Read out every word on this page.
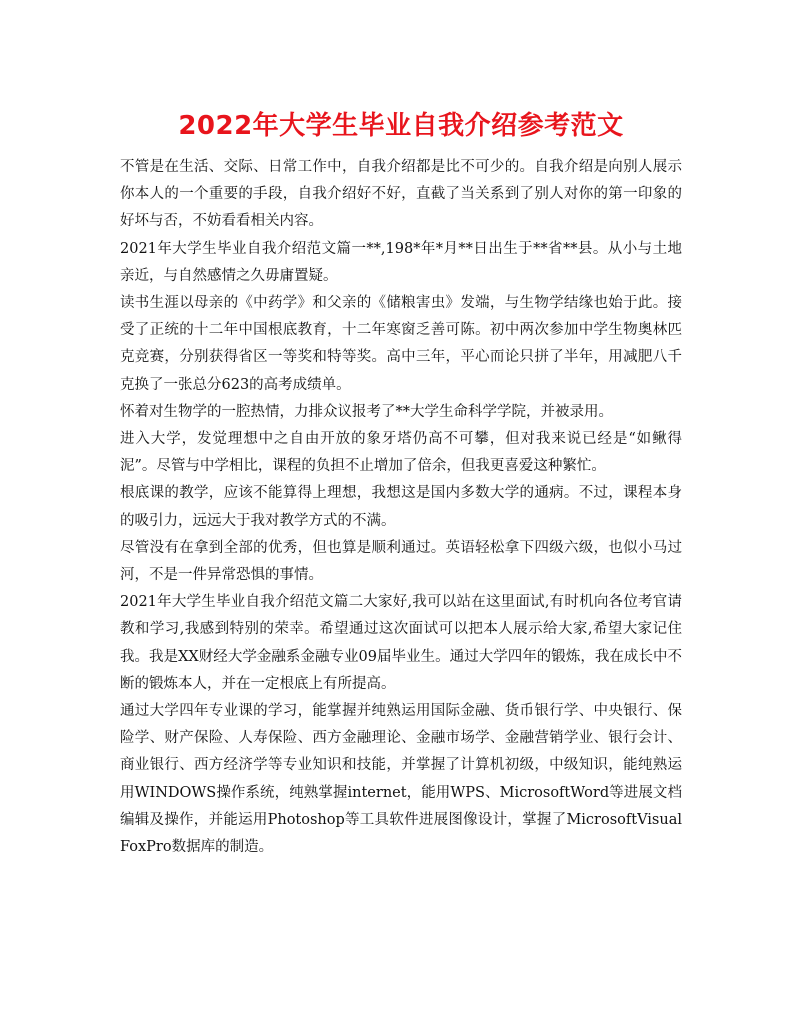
2022年大学生毕业自我介绍参考范文

不管是在生活、交际、日常工作中，自我介绍都是比不可少的。自我介绍是向别人展示你本人的一个重要的手段，自我介绍好不好，直截了当关系到了别人对你的第一印象的好坏与否，不妨看看相关内容。

2021年大学生毕业自我介绍范文篇一**,198*年*月**日出生于**省**县。从小与土地亲近，与自然感情之久毋庸置疑。

读书生涯以母亲的《中药学》和父亲的《储粮害虫》发端，与生物学结缘也始于此。接受了正统的十二年中国根底教育，十二年寒窗乏善可陈。初中两次参加中学生物奥林匹克竞赛，分别获得省区一等奖和特等奖。高中三年，平心而论只拼了半年，用减肥八千克换了一张总分623的高考成绩单。

怀着对生物学的一腔热情，力排众议报考了**大学生命科学学院，并被录用。

进入大学，发觉理想中之自由开放的象牙塔仍高不可攀，但对我来说已经是“如鳅得泥”。尽管与中学相比，课程的负担不止增加了倍余，但我更喜爱这种繁忙。

根底课的教学，应该不能算得上理想，我想这是国内多数大学的通病。不过，课程本身的吸引力，远远大于我对教学方式的不满。

尽管没有在拿到全部的优秀，但也算是顺利通过。英语轻松拿下四级六级，也似小马过河，不是一件异常恐惧的事情。

2021年大学生毕业自我介绍范文篇二大家好,我可以站在这里面试,有时机向各位考官请教和学习,我感到特别的荣幸。希望通过这次面试可以把本人展示给大家,希望大家记住我。我是XX财经大学金融系金融专业09届毕业生。通过大学四年的锻炼，我在成长中不断的锻炼本人，并在一定根底上有所提高。

通过大学四年专业课的学习，能掌握并纯熟运用国际金融、货币银行学、中央银行、保险学、财产保险、人寿保险、西方金融理论、金融市场学、金融营销学业、银行会计、商业银行、西方经济学等专业知识和技能，并掌握了计算机初级，中级知识，能纯熟运用WINDOWS操作系统，纯熟掌握internet，能用WPS、MicrosoftWord等进展文档编辑及操作，并能运用Photoshop等工具软件进展图像设计，掌握了MicrosoftVisualFoxPro数据库的制造。
